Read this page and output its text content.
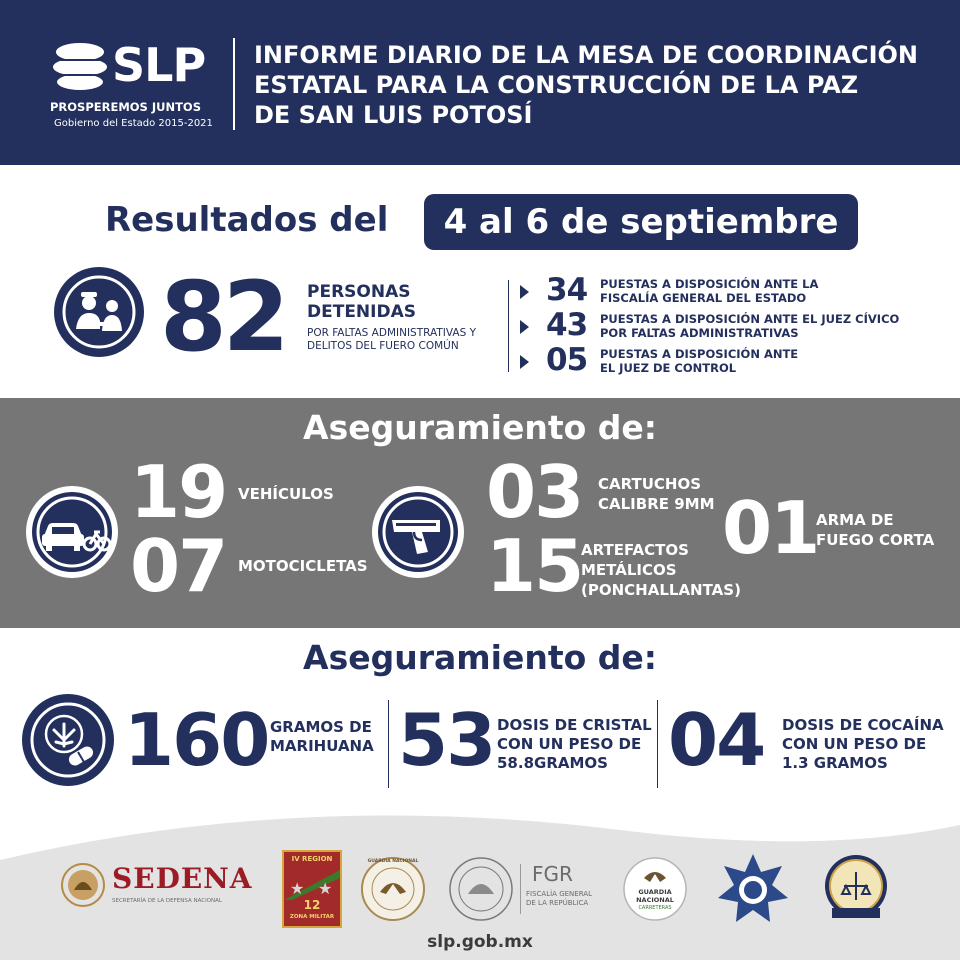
SLP
PROSPEREMOS JUNTOS
Gobierno del Estado 2015-2021
INFORME DIARIO DE LA MESA DE COORDINACIÓN
ESTATAL PARA LA CONSTRUCCIÓN DE LA PAZ
DE SAN LUIS POTOSÍ
Resultados del	4 al 6 de septiembre
82 PERSONAS
DETENIDAS
POR FALTAS ADMINISTRATIVAS Y
DELITOS DEL FUERO COMÚN
34 PUESTAS A DISPOSICIÓN ANTE LA
FISCALÍA GENERAL DEL ESTADO
43 PUESTAS A DISPOSICIÓN ANTE EL JUEZ CÍVICO
POR FALTAS ADMINISTRATIVAS
05 PUESTAS A DISPOSICIÓN ANTE
EL JUEZ DE CONTROL
Aseguramiento de:
19 VEHÍCULOS
07 MOTOCICLETAS
03 CARTUCHOS
CALIBRE 9MM
15
ARTEFACTOS
METÁLICOS
(PONCHALLANTAS)
01
ARMA DE
FUEGO CORTA
Aseguramiento de:
160 GRAMOS DE
MARIHUANA 53 DOSIS DE CRISTAL
CON UN PESO DE
58.8GRAMOS 04 DOSIS DE COCAÍNA
CON UN PESO DE
1.3 GRAMOS
SEDENA
SECRETARÍA DE LA DEFENSA NACIONAL
IV REGION
★ ★
12
ZONA MILITAR
GUARDIA NACIONAL
FGR
FISCALÍA GENERAL
DE LA REPÚBLICA
GUARDIA
NACIONAL
CARRETERAS
slp.gob.mx
